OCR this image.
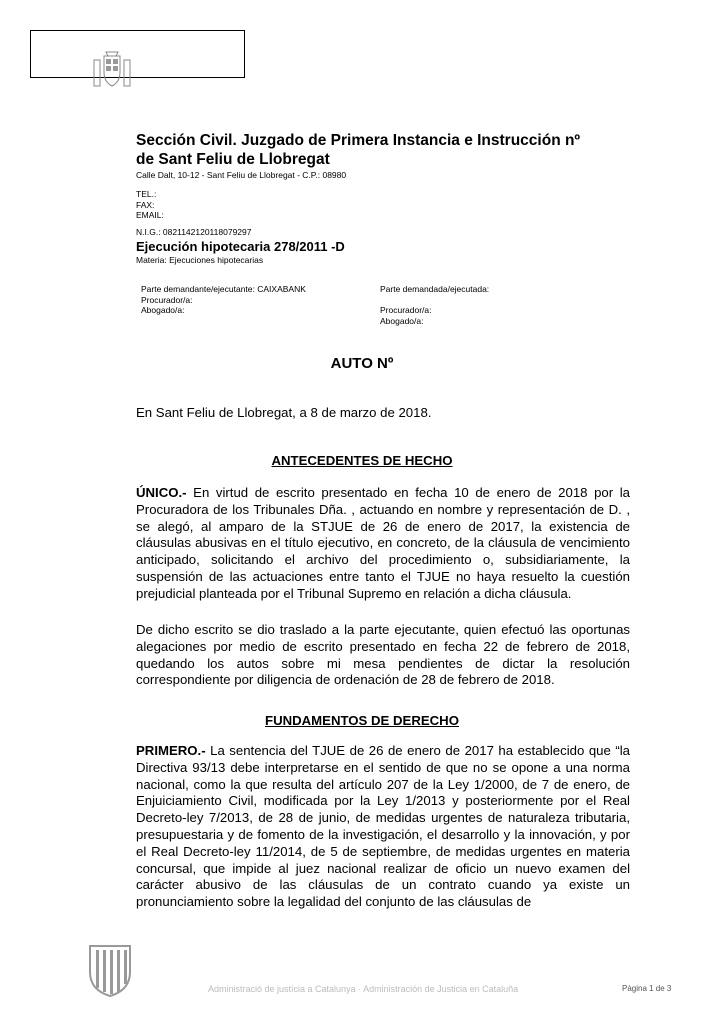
Sección Civil. Juzgado de Primera Instancia e Instrucción nº
de Sant Feliu de Llobregat
Calle Dalt, 10-12 - Sant Feliu de Llobregat - C.P.: 08980
TEL.:
FAX:
EMAIL:
N.I.G.: 0821142120118079297
Ejecución hipotecaria 278/2011 -D
Materia: Ejecuciones hipotecarias
Parte demandante/ejecutante: CAIXABANK
Procurador/a:
Abogado/a:
Parte demandada/ejecutada:
Procurador/a:
Abogado/a:
AUTO Nº
En Sant Feliu de Llobregat, a 8 de marzo de 2018.
ANTECEDENTES DE HECHO
ÚNICO.- En virtud de escrito presentado en fecha 10 de enero de 2018 por la Procuradora de los Tribunales Dña. , actuando en nombre y representación de D. , se alegó, al amparo de la STJUE de 26 de enero de 2017, la existencia de cláusulas abusivas en el título ejecutivo, en concreto, de la cláusula de vencimiento anticipado, solicitando el archivo del procedimiento o, subsidiariamente, la suspensión de las actuaciones entre tanto el TJUE no haya resuelto la cuestión prejudicial planteada por el Tribunal Supremo en relación a dicha cláusula.
De dicho escrito se dio traslado a la parte ejecutante, quien efectuó las oportunas alegaciones por medio de escrito presentado en fecha 22 de febrero de 2018, quedando los autos sobre mi mesa pendientes de dictar la resolución correspondiente por diligencia de ordenación de 28 de febrero de 2018.
FUNDAMENTOS DE DERECHO
PRIMERO.- La sentencia del TJUE de 26 de enero de 2017 ha establecido que “la Directiva 93/13 debe interpretarse en el sentido de que no se opone a una norma nacional, como la que resulta del artículo 207 de la Ley 1/2000, de 7 de enero, de Enjuiciamiento Civil, modificada por la Ley 1/2013 y posteriormente por el Real Decreto-ley 7/2013, de 28 de junio, de medidas urgentes de naturaleza tributaria, presupuestaria y de fomento de la investigación, el desarrollo y la innovación, y por el Real Decreto-ley 11/2014, de 5 de septiembre, de medidas urgentes en materia concursal, que impide al juez nacional realizar de oficio un nuevo examen del carácter abusivo de las cláusulas de un contrato cuando ya existe un pronunciamiento sobre la legalidad del conjunto de las cláusulas de
Administració de justícia a Catalunya · Administración de Justicia en Cataluña	Pàgina 1 de 3
